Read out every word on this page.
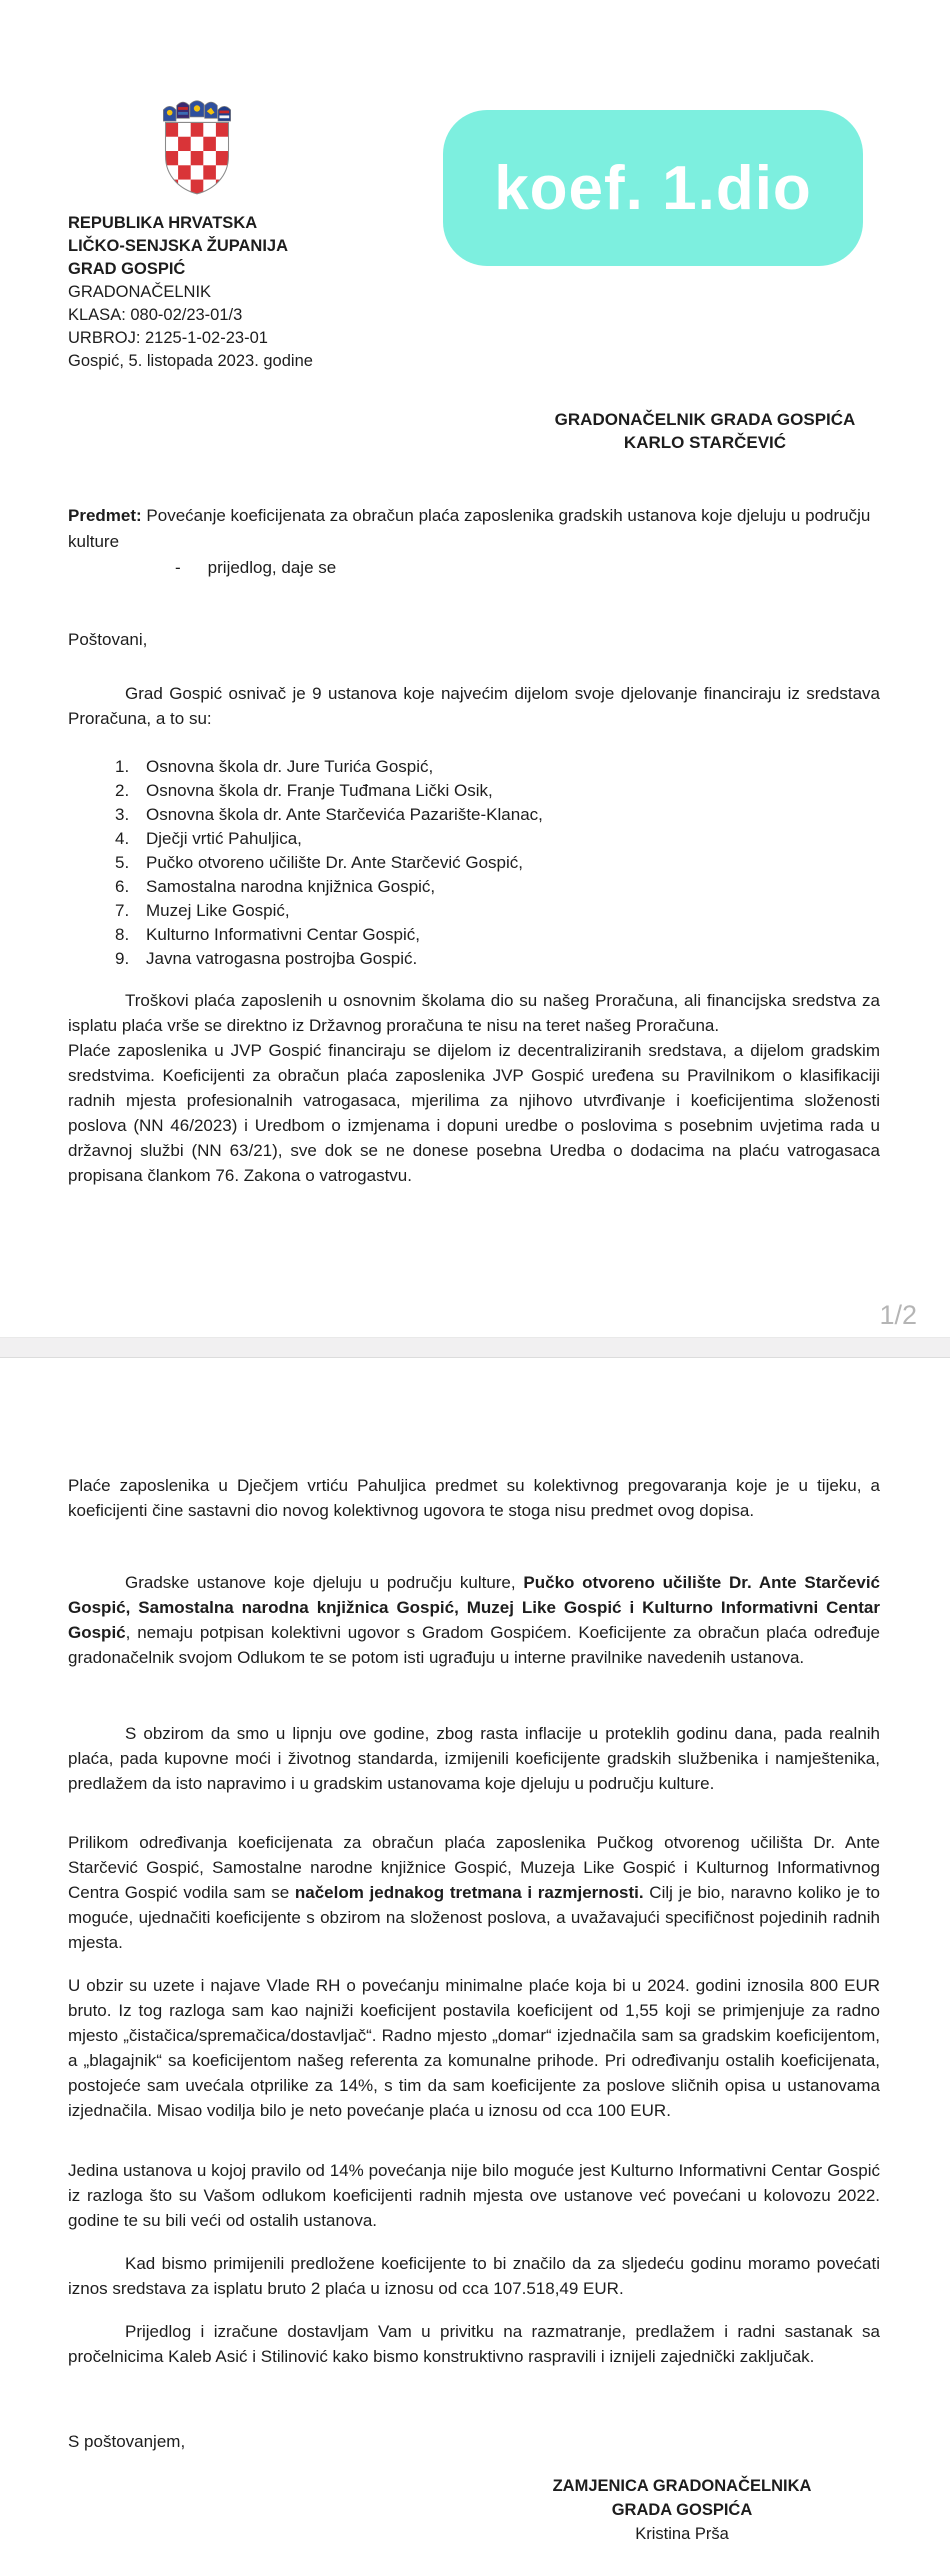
koef. 1.dio
REPUBLIKA HRVATSKA
LIČKO-SENJSKA ŽUPANIJA
GRAD GOSPIĆ
GRADONAČELNIK
KLASA: 080-02/23-01/3
URBROJ: 2125-1-02-23-01
Gospić, 5. listopada 2023. godine
GRADONAČELNIK GRADA GOSPIĆA
KARLO STARČEVIĆ
Predmet: Povećanje koeficijenata za obračun plaća zaposlenika gradskih ustanova koje djeluju u području kulture
- prijedlog, daje se
Poštovani,

Grad Gospić osnivač je 9 ustanova koje najvećim dijelom svoje djelovanje financiraju iz sredstava Proračuna, a to su:

1. Osnovna škola dr. Jure Turića Gospić,
2. Osnovna škola dr. Franje Tuđmana Lički Osik,
3. Osnovna škola dr. Ante Starčevića Pazarište-Klanac,
4. Dječji vrtić Pahuljica,
5. Pučko otvoreno učilište Dr. Ante Starčević Gospić,
6. Samostalna narodna knjižnica Gospić,
7. Muzej Like Gospić,
8. Kulturno Informativni Centar Gospić,
9. Javna vatrogasna postrojba Gospić.

Troškovi plaća zaposlenih u osnovnim školama dio su našeg Proračuna, ali financijska sredstva za isplatu plaća vrše se direktno iz Državnog proračuna te nisu na teret našeg Proračuna.

Plaće zaposlenika u JVP Gospić financiraju se dijelom iz decentraliziranih sredstava, a dijelom gradskim sredstvima. Koeficijenti za obračun plaća zaposlenika JVP Gospić uređena su Pravilnikom o klasifikaciji radnih mjesta profesionalnih vatrogasaca, mjerilima za njihovo utvrđivanje i koeficijentima složenosti poslova (NN 46/2023) i Uredbom o izmjenama i dopuni uredbe o poslovima s posebnim uvjetima rada u državnoj službi (NN 63/21), sve dok se ne donese posebna Uredba o dodacima na plaću vatrogasaca propisana člankom 76. Zakona o vatrogastvu.

1/2

Plaće zaposlenika u Dječjem vrtiću Pahuljica predmet su kolektivnog pregovaranja koje je u tijeku, a koeficijenti čine sastavni dio novog kolektivnog ugovora te stoga nisu predmet ovog dopisa.

Gradske ustanove koje djeluju u području kulture, Pučko otvoreno učilište Dr. Ante Starčević Gospić, Samostalna narodna knjižnica Gospić, Muzej Like Gospić i Kulturno Informativni Centar Gospić, nemaju potpisan kolektivni ugovor s Gradom Gospićem. Koeficijente za obračun plaća određuje gradonačelnik svojom Odlukom te se potom isti ugrađuju u interne pravilnike navedenih ustanova.

S obzirom da smo u lipnju ove godine, zbog rasta inflacije u proteklih godinu dana, pada realnih plaća, pada kupovne moći i životnog standarda, izmijenili koeficijente gradskih službenika i namještenika, predlažem da isto napravimo i u gradskim ustanovama koje djeluju u području kulture.

Prilikom određivanja koeficijenata za obračun plaća zaposlenika Pučkog otvorenog učilišta Dr. Ante Starčević Gospić, Samostalne narodne knjižnice Gospić, Muzeja Like Gospić i Kulturnog Informativnog Centra Gospić vodila sam se načelom jednakog tretmana i razmjernosti. Cilj je bio, naravno koliko je to moguće, ujednačiti koeficijente s obzirom na složenost poslova, a uvažavajući specifičnost pojedinih radnih mjesta.

U obzir su uzete i najave Vlade RH o povećanju minimalne plaće koja bi u 2024. godini iznosila 800 EUR bruto. Iz tog razloga sam kao najniži koeficijent postavila koeficijent od 1,55 koji se primjenjuje za radno mjesto „čistačica/spremačica/dostavljač“. Radno mjesto „domar“ izjednačila sam sa gradskim koeficijentom, a „blagajnik“ sa koeficijentom našeg referenta za komunalne prihode. Pri određivanju ostalih koeficijenata, postojeće sam uvećala otprilike za 14%, s tim da sam koeficijente za poslove sličnih opisa u ustanovama izjednačila. Misao vodilja bilo je neto povećanje plaća u iznosu od cca 100 EUR.

Jedina ustanova u kojoj pravilo od 14% povećanja nije bilo moguće jest Kulturno Informativni Centar Gospić iz razloga što su Vašom odlukom koeficijenti radnih mjesta ove ustanove već povećani u kolovozu 2022. godine te su bili veći od ostalih ustanova.

Kad bismo primijenili predložene koeficijente to bi značilo da za sljedeću godinu moramo povećati iznos sredstava za isplatu bruto 2 plaća u iznosu od cca 107.518,49 EUR.

Prijedlog i izračune dostavljam Vam u privitku na razmatranje, predlažem i radni sastanak sa pročelnicima Kaleb Asić i Stilinović kako bismo konstruktivno raspravili i iznijeli zajednički zaključak.

S poštovanjem,
ZAMJENICA GRADONAČELNIKA
GRADA GOSPIĆA
Kristina Prša
